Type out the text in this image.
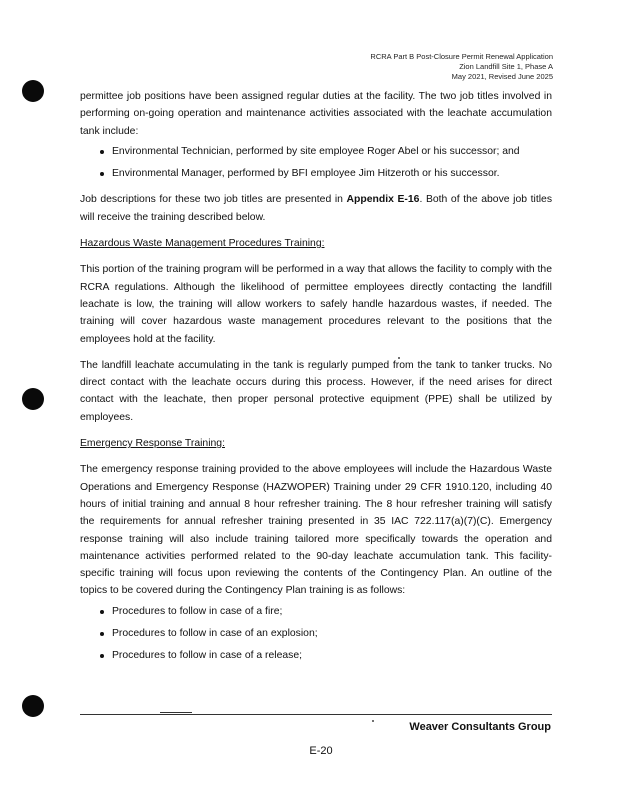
RCRA Part B Post-Closure Permit Renewal Application
Zion Landfill Site 1, Phase A
May 2021, Revised June 2025

permittee job positions have been assigned regular duties at the facility. The two job titles involved in performing on-going operation and maintenance activities associated with the leachate accumulation tank include:

Environmental Technician, performed by site employee Roger Abel or his successor; and
Environmental Manager, performed by BFI employee Jim Hitzeroth or his successor.

Job descriptions for these two job titles are presented in Appendix E-16. Both of the above job titles will receive the training described below.

Hazardous Waste Management Procedures Training:

This portion of the training program will be performed in a way that allows the facility to comply with the RCRA regulations. Although the likelihood of permittee employees directly contacting the landfill leachate is low, the training will allow workers to safely handle hazardous wastes, if needed. The training will cover hazardous waste management procedures relevant to the positions that the employees hold at the facility.

The landfill leachate accumulating in the tank is regularly pumped from the tank to tanker trucks. No direct contact with the leachate occurs during this process. However, if the need arises for direct contact with the leachate, then proper personal protective equipment (PPE) shall be utilized by employees.

Emergency Response Training:

The emergency response training provided to the above employees will include the Hazardous Waste Operations and Emergency Response (HAZWOPER) Training under 29 CFR 1910.120, including 40 hours of initial training and annual 8 hour refresher training. The 8 hour refresher training will satisfy the requirements for annual refresher training presented in 35 IAC 722.117(a)(7)(C). Emergency response training will also include training tailored more specifically towards the operation and maintenance activities performed related to the 90-day leachate accumulation tank. This facility-specific training will focus upon reviewing the contents of the Contingency Plan. An outline of the topics to be covered during the Contingency Plan training is as follows:

Procedures to follow in case of a fire;
Procedures to follow in case of an explosion;
Procedures to follow in case of a release;
Weaver Consultants Group
E-20
